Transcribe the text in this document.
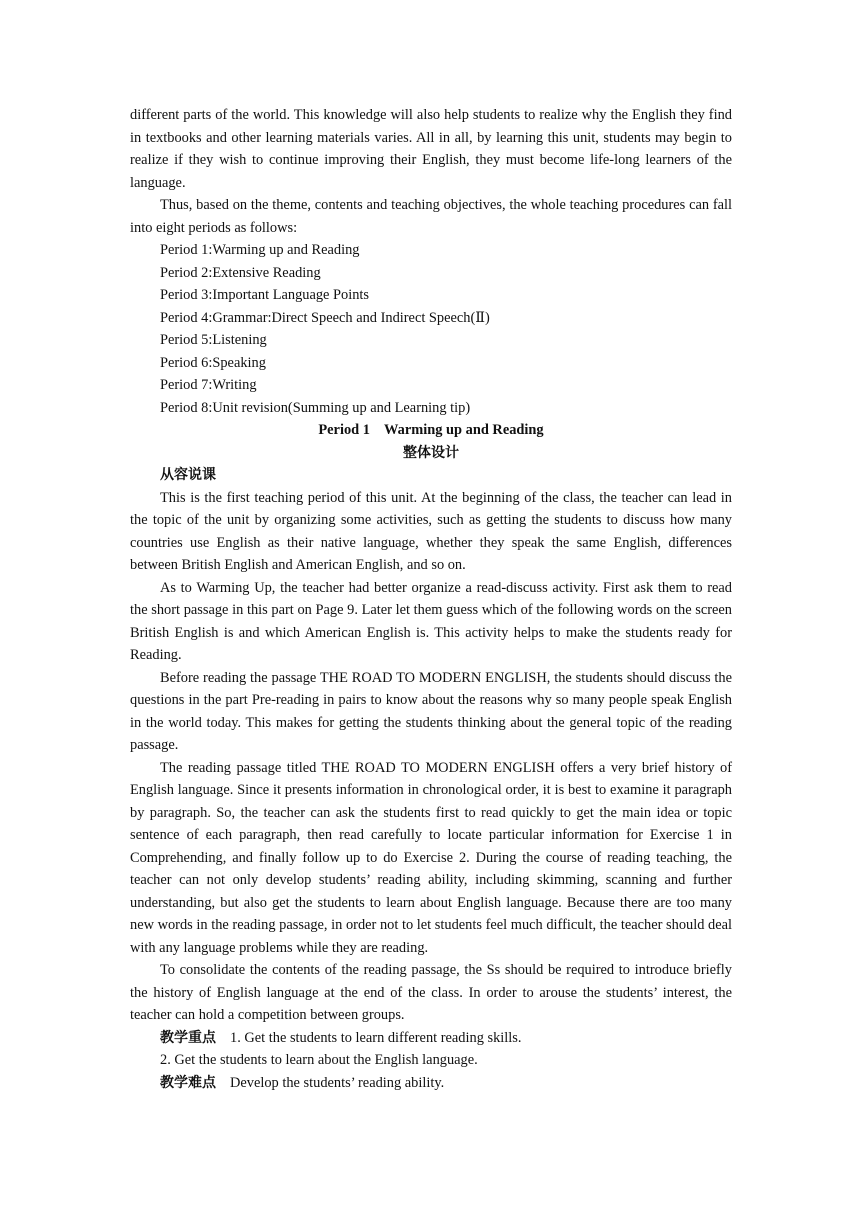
different parts of the world. This knowledge will also help students to realize why the English they find in textbooks and other learning materials varies. All in all, by learning this unit, students may begin to realize if they wish to continue improving their English, they must become life-long learners of the language.

Thus, based on the theme, contents and teaching objectives, the whole teaching procedures can fall into eight periods as follows:

Period 1:Warming up and Reading
Period 2:Extensive Reading
Period 3:Important Language Points
Period 4:Grammar:Direct Speech and Indirect Speech(Ⅱ)
Period 5:Listening
Period 6:Speaking
Period 7:Writing
Period 8:Unit revision(Summing up and Learning tip)
Period 1    Warming up and Reading
整体设计
从容说课

This is the first teaching period of this unit. At the beginning of the class, the teacher can lead in the topic of the unit by organizing some activities, such as getting the students to discuss how many countries use English as their native language, whether they speak the same English, differences between British English and American English, and so on.

As to Warming Up, the teacher had better organize a read-discuss activity. First ask them to read the short passage in this part on Page 9. Later let them guess which of the following words on the screen British English is and which American English is. This activity helps to make the students ready for Reading.

Before reading the passage THE ROAD TO MODERN ENGLISH, the students should discuss the questions in the part Pre-reading in pairs to know about the reasons why so many people speak English in the world today. This makes for getting the students thinking about the general topic of the reading passage.

The reading passage titled THE ROAD TO MODERN ENGLISH offers a very brief history of English language. Since it presents information in chronological order, it is best to examine it paragraph by paragraph. So, the teacher can ask the students first to read quickly to get the main idea or topic sentence of each paragraph, then read carefully to locate particular information for Exercise 1 in Comprehending, and finally follow up to do Exercise 2. During the course of reading teaching, the teacher can not only develop students’ reading ability, including skimming, scanning and further understanding, but also get the students to learn about English language. Because there are too many new words in the reading passage, in order not to let students feel much difficult, the teacher should deal with any language problems while they are reading.

To consolidate the contents of the reading passage, the Ss should be required to introduce briefly the history of English language at the end of the class. In order to arouse the students’ interest, the teacher can hold a competition between groups.

教学重点 1. Get the students to learn different reading skills.
2. Get the students to learn about the English language.
教学难点 Develop the students’ reading ability.
